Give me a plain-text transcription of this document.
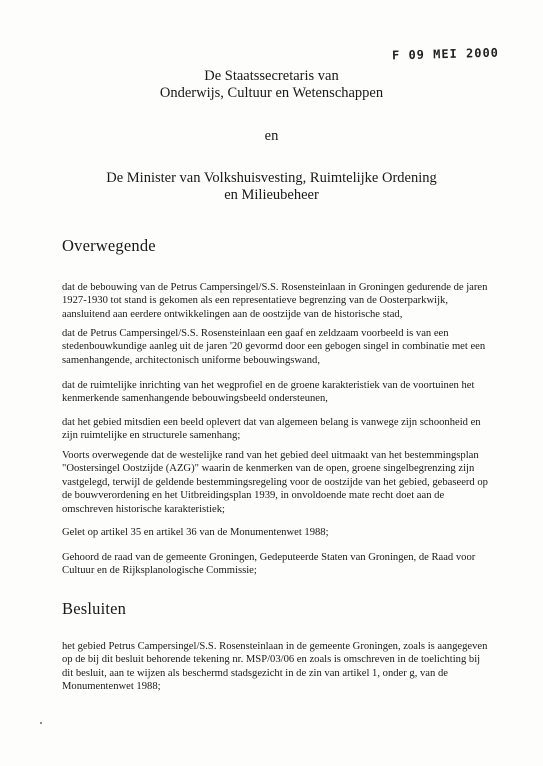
F 09 MEI 2000
De Staatssecretaris van
Onderwijs, Cultuur en Wetenschappen
en
De Minister van Volkshuisvesting, Ruimtelijke Ordening
en Milieubeheer
Overwegende

dat de bebouwing van de Petrus Campersingel/S.S. Rosensteinlaan in Groningen gedurende de jaren 1927-1930 tot stand is gekomen als een representatieve begrenzing van de Oosterparkwijk, aansluitend aan eerdere ontwikkelingen aan de oostzijde van de historische stad,

dat de Petrus Campersingel/S.S. Rosensteinlaan een gaaf en zeldzaam voorbeeld is van een stedenbouwkundige aanleg uit de jaren '20 gevormd door een gebogen singel in combinatie met een samenhangende, architectonisch uniforme bebouwingswand,

dat de ruimtelijke inrichting van het wegprofiel en de groene karakteristiek van de voortuinen het kenmerkende samenhangende bebouwingsbeeld ondersteunen,

dat het gebied mitsdien een beeld oplevert dat van algemeen belang is vanwege zijn schoonheid en zijn ruimtelijke en structurele samenhang;

Voorts overwegende dat de westelijke rand van het gebied deel uitmaakt van het bestemmingsplan "Oostersingel Oostzijde (AZG)" waarin de kenmerken van de open, groene singelbegrenzing zijn vastgelegd, terwijl de geldende bestemmingsregeling voor de oostzijde van het gebied, gebaseerd op de bouwverordening en het Uitbreidingsplan 1939, in onvoldoende mate recht doet aan de omschreven historische karakteristiek;

Gelet op artikel 35 en artikel 36 van de Monumentenwet 1988;

Gehoord de raad van de gemeente Groningen, Gedeputeerde Staten van Groningen, de Raad voor Cultuur en de Rijksplanologische Commissie;

Besluiten

het gebied Petrus Campersingel/S.S. Rosensteinlaan in de gemeente Groningen, zoals is aangegeven op de bij dit besluit behorende tekening nr. MSP/03/06 en zoals is omschreven in de toelichting bij dit besluit, aan te wijzen als beschermd stadsgezicht in de zin van artikel 1, onder g, van de Monumentenwet 1988;
